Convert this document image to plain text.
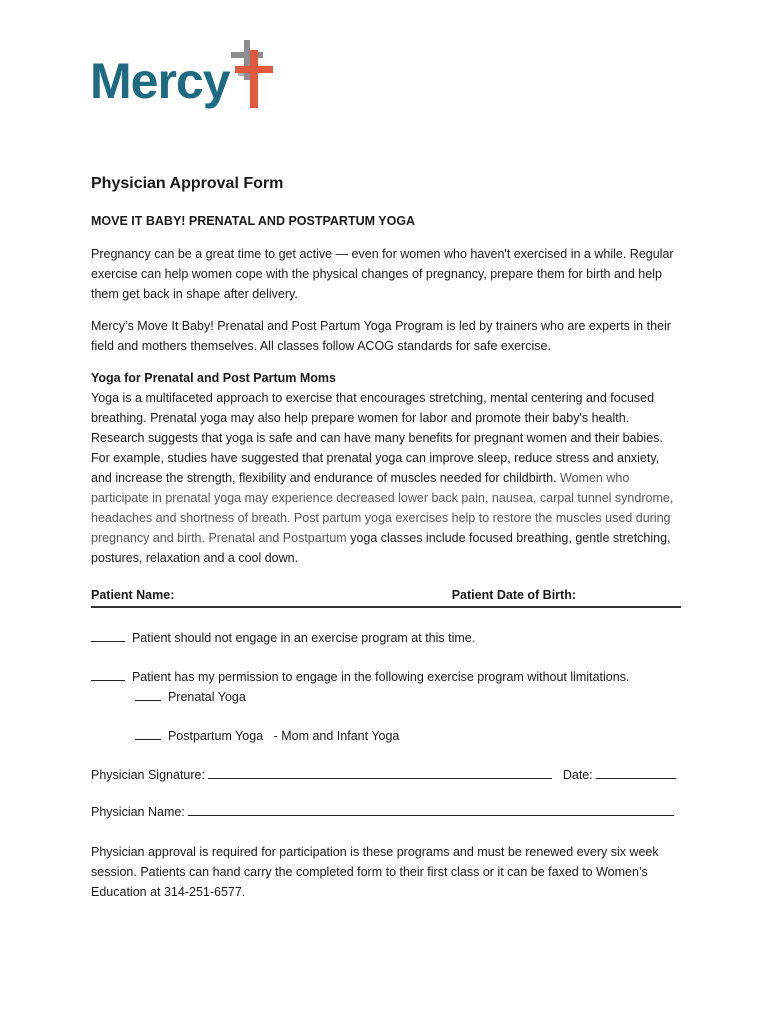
Mercy
Physician Approval Form
MOVE IT BABY! PRENATAL AND POSTPARTUM YOGA

Pregnancy can be a great time to get active — even for women who haven't exercised in a while. Regular exercise can help women cope with the physical changes of pregnancy, prepare them for birth and help them get back in shape after delivery.

Mercy’s Move It Baby! Prenatal and Post Partum Yoga Program is led by trainers who are experts in their field and mothers themselves. All classes follow ACOG standards for safe exercise.

Yoga for Prenatal and Post Partum Moms
Yoga is a multifaceted approach to exercise that encourages stretching, mental centering and focused breathing. Prenatal yoga may also help prepare women for labor and promote their baby's health. Research suggests that yoga is safe and can have many benefits for pregnant women and their babies. For example, studies have suggested that prenatal yoga can improve sleep, reduce stress and anxiety, and increase the strength, flexibility and endurance of muscles needed for childbirth. Women who participate in prenatal yoga may experience decreased lower back pain, nausea, carpal tunnel syndrome, headaches and shortness of breath. Post partum yoga exercises help to restore the muscles used during pregnancy and birth. Prenatal and Postpartum yoga classes include focused breathing, gentle stretching, postures, relaxation and a cool down.
Patient Name:	Patient Date of Birth:
Patient should not engage in an exercise program at this time.
Patient has my permission to engage in the following exercise program without limitations.
Prenatal Yoga
Postpartum Yoga - Mom and Infant Yoga
Physician Signature:	Date:
Physician Name:

Physician approval is required for participation is these programs and must be renewed every six week session. Patients can hand carry the completed form to their first class or it can be faxed to Women’s Education at 314-251-6577.
